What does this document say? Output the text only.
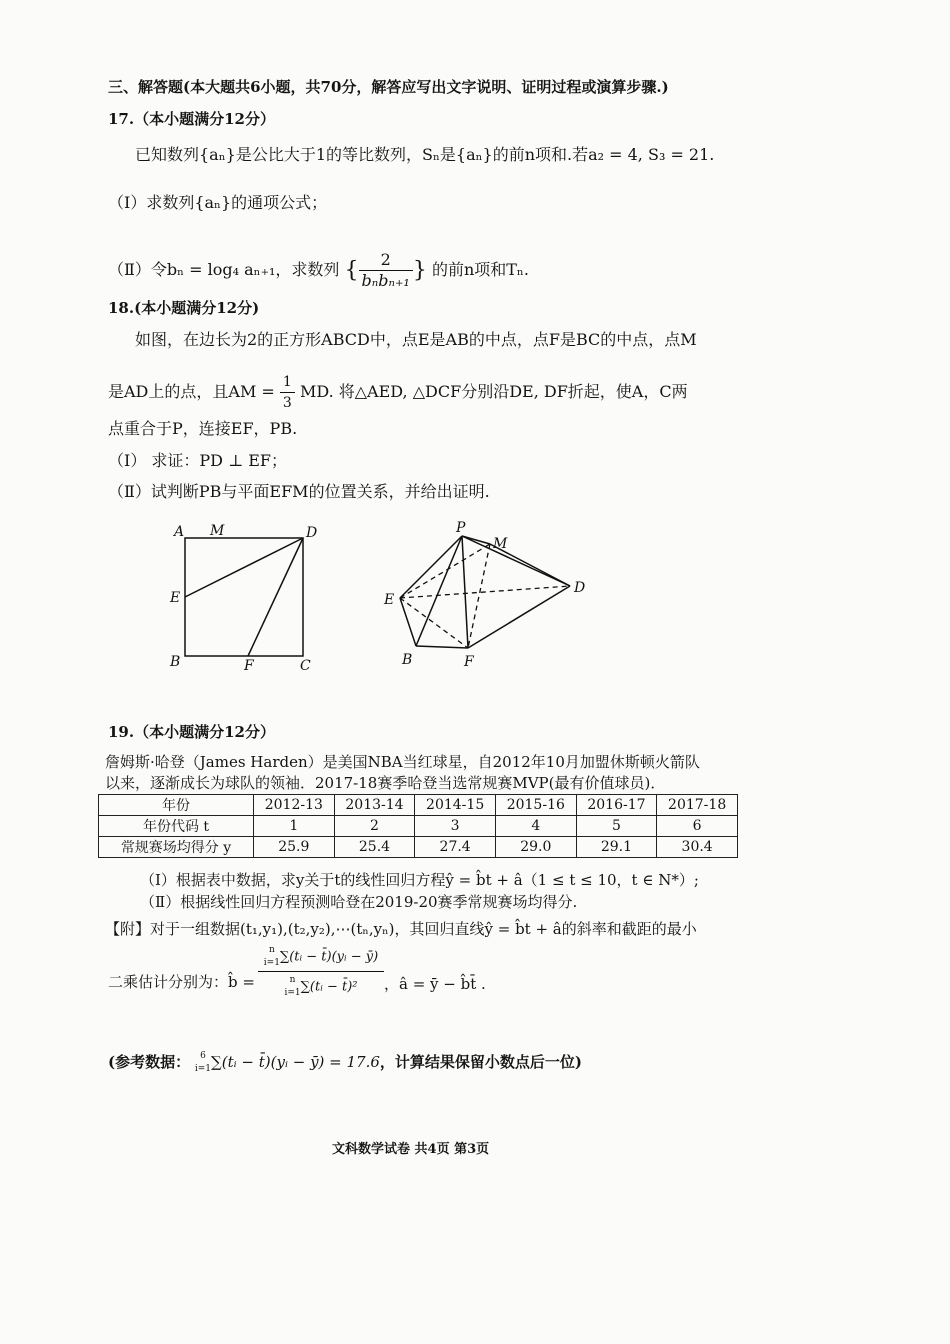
三、解答题(本大题共6小题，共70分，解答应写出文字说明、证明过程或演算步骤.)
17.（本小题满分12分）
已知数列{aₙ}是公比大于1的等比数列，Sₙ是{aₙ}的前n项和.若a₂ = 4, S₃ = 21.
（Ⅰ）求数列{aₙ}的通项公式；
（Ⅱ）令bₙ = log₄ aₙ₊₁，求数列 { $\frac{2}{\text{bₙbₙ₊₁}}$ } 的前n项和Tₙ.
18.(本小题满分12分)
如图，在边长为2的正方形ABCD中，点E是AB的中点，点F是BC的中点，点M
是AD上的点，且AM = $\frac{1}{3}$ MD. 将△AED, △DCF分别沿DE, DF折起，使A，C两
点重合于P，连接EF，PB.
（Ⅰ） 求证：PD ⊥ EF；
（Ⅱ）试判断PB与平面EFM的位置关系，并给出证明.
A M	D
E
B	F	C
P
M
D
E
B	F
19.（本小题满分12分）
詹姆斯·哈登（James Harden）是美国NBA当红球星，自2012年10月加盟休斯顿火箭队
以来，逐渐成长为球队的领袖．2017-18赛季哈登当选常规赛MVP(最有价值球员)．
年份	2012-13	2013-14	2014-15	2015-16	2016-17	2017-18
年份代码 t	1	2	3	4	5	6
常规赛场均得分 y	25.9	25.4	27.4	29.0	29.1	30.4
（Ⅰ）根据表中数据，求y关于t的线性回归方程ŷ = b̂t + â（1 ≤ t ≤ 10，t ∈ N*）;
（Ⅱ）根据线性回归方程预测哈登在2019-20赛季常规赛场均得分.
【附】对于一组数据(t₁,y₁),(t₂,y₂),⋯(tₙ,yₙ)，其回归直线ŷ = b̂t + â的斜率和截距的最小
二乘估计分别为：b̂ = n
i=1 ∑(tᵢ − t̄)(yᵢ − ȳ)
n
i=1 ∑(tᵢ − t̄)² ，â = ȳ − b̂t̄ .
(参考数据：	6
i=1 ∑(tᵢ − t̄)(yᵢ − ȳ) = 17.6，计算结果保留小数点后一位)
文科数学试卷 共4页 第3页
